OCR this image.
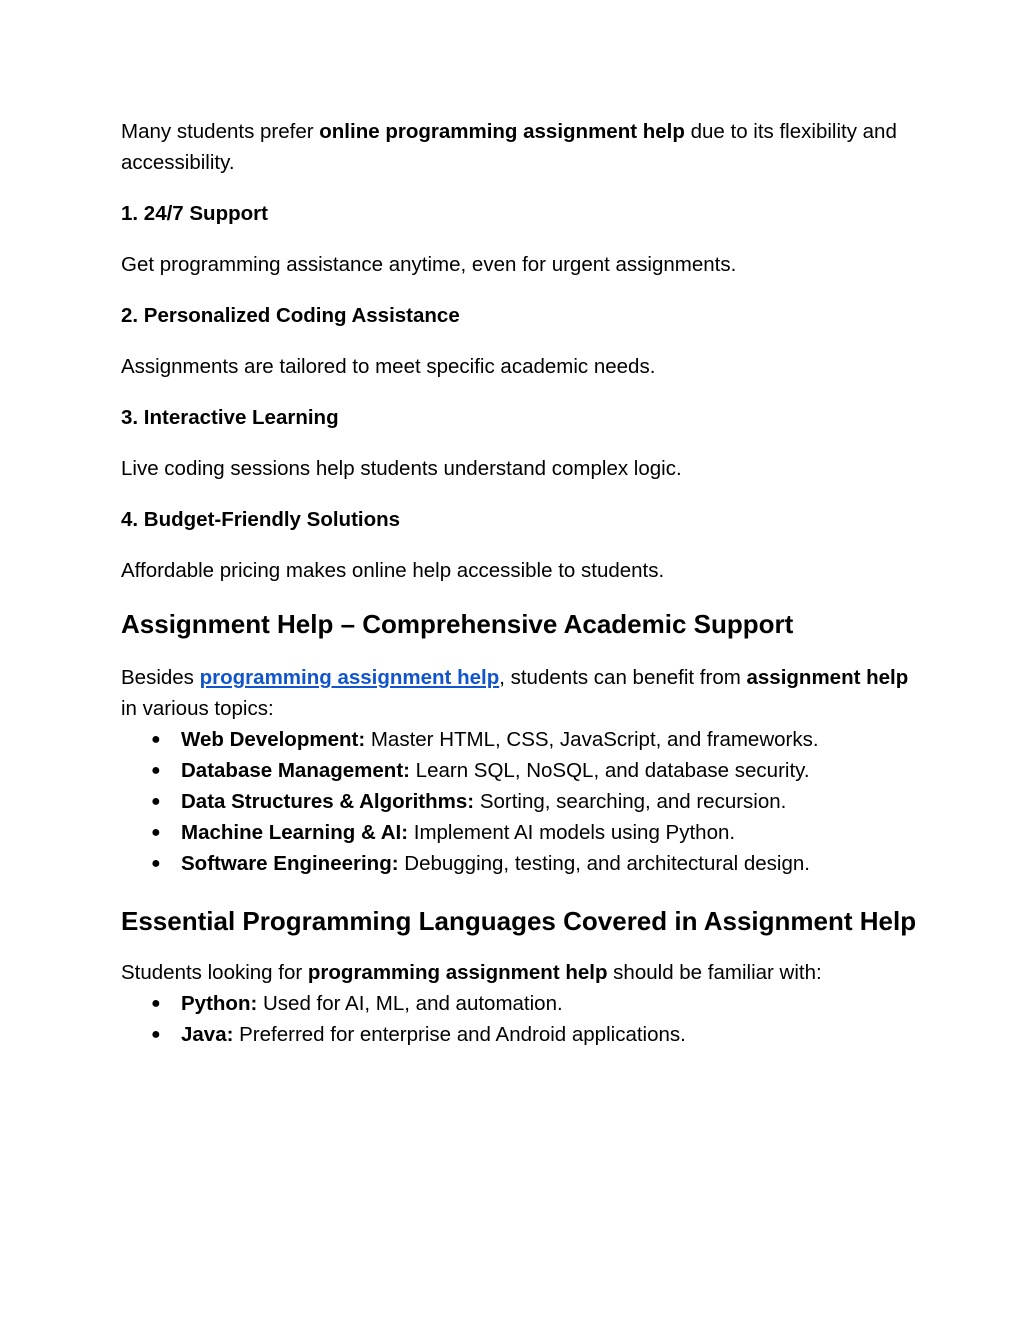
Many students prefer online programming assignment help due to its flexibility and accessibility.

1. 24/7 Support

Get programming assistance anytime, even for urgent assignments.

2. Personalized Coding Assistance

Assignments are tailored to meet specific academic needs.

3. Interactive Learning

Live coding sessions help students understand complex logic.

4. Budget-Friendly Solutions

Affordable pricing makes online help accessible to students.

Assignment Help – Comprehensive Academic Support

Besides programming assignment help, students can benefit from assignment help in various topics:

● Web Development: Master HTML, CSS, JavaScript, and frameworks.
● Database Management: Learn SQL, NoSQL, and database security.
● Data Structures & Algorithms: Sorting, searching, and recursion.
● Machine Learning & AI: Implement AI models using Python.
● Software Engineering: Debugging, testing, and architectural design.
Essential Programming Languages Covered in Assignment Help

Students looking for programming assignment help should be familiar with:

● Python: Used for AI, ML, and automation.
● Java: Preferred for enterprise and Android applications.
